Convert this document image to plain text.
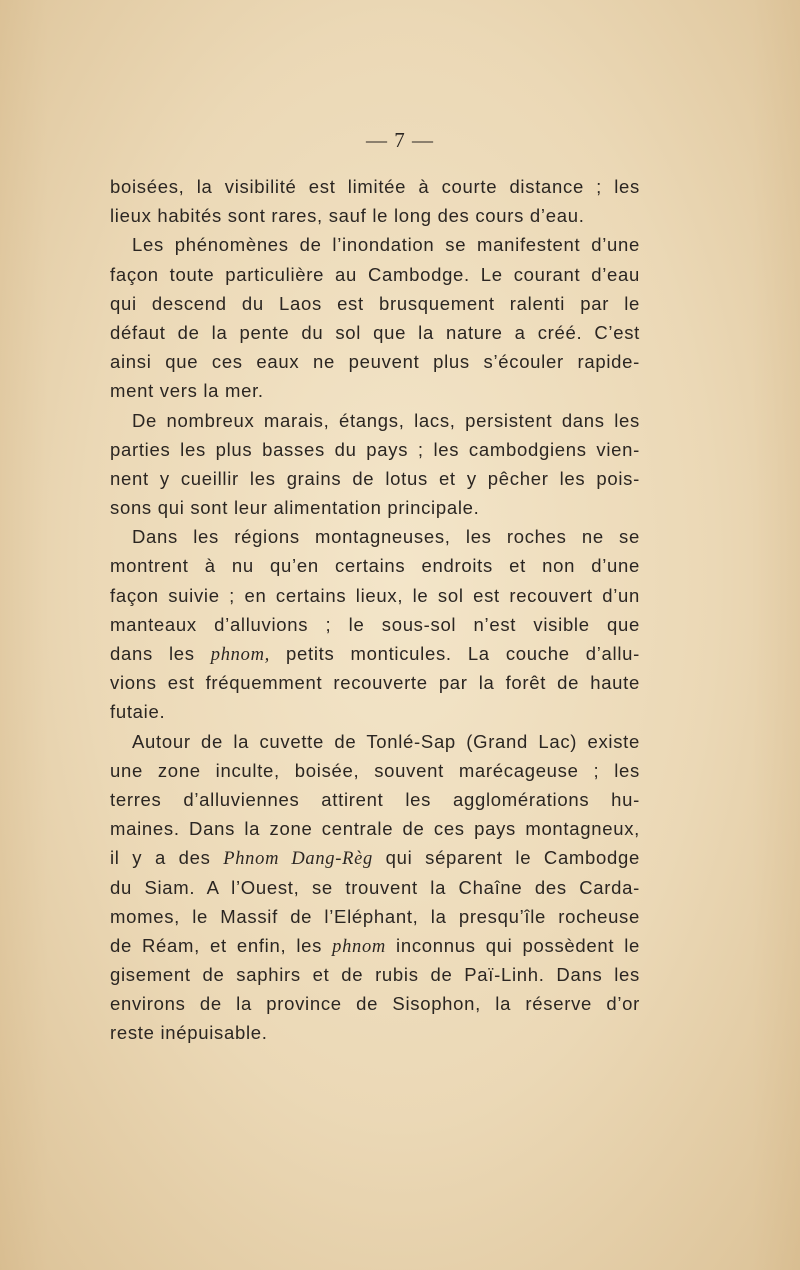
— 7 —
boisées, la visibilité est limitée à courte distance ; les
lieux habités sont rares, sauf le long des cours d’eau.
Les phénomènes de l’inondation se manifestent d’une
façon toute particulière au Cambodge. Le courant d’eau
qui descend du Laos est brusquement ralenti par le
défaut de la pente du sol que la nature a créé. C’est
ainsi que ces eaux ne peuvent plus s’écouler rapide-
ment vers la mer.
De nombreux marais, étangs, lacs, persistent dans les
parties les plus basses du pays ; les cambodgiens vien-
nent y cueillir les grains de lotus et y pêcher les pois-
sons qui sont leur alimentation principale.
Dans les régions montagneuses, les roches ne se
montrent à nu qu’en certains endroits et non d’une
façon suivie ; en certains lieux, le sol est recouvert d’un
manteaux d’alluvions ; le sous-sol n’est visible que
dans les phnom, petits monticules. La couche d’allu-
vions est fréquemment recouverte par la forêt de haute
futaie.
Autour de la cuvette de Tonlé-Sap (Grand Lac) existe
une zone inculte, boisée, souvent marécageuse ; les
terres d’alluviennes attirent les agglomérations hu-
maines. Dans la zone centrale de ces pays montagneux,
il y a des Phnom Dang-Règ qui séparent le Cambodge
du Siam. A l’Ouest, se trouvent la Chaîne des Carda-
momes, le Massif de l’Eléphant, la presqu’île rocheuse
de Réam, et enfin, les phnom inconnus qui possèdent le
gisement de saphirs et de rubis de Paï-Linh. Dans les
environs de la province de Sisophon, la réserve d’or
reste inépuisable.
